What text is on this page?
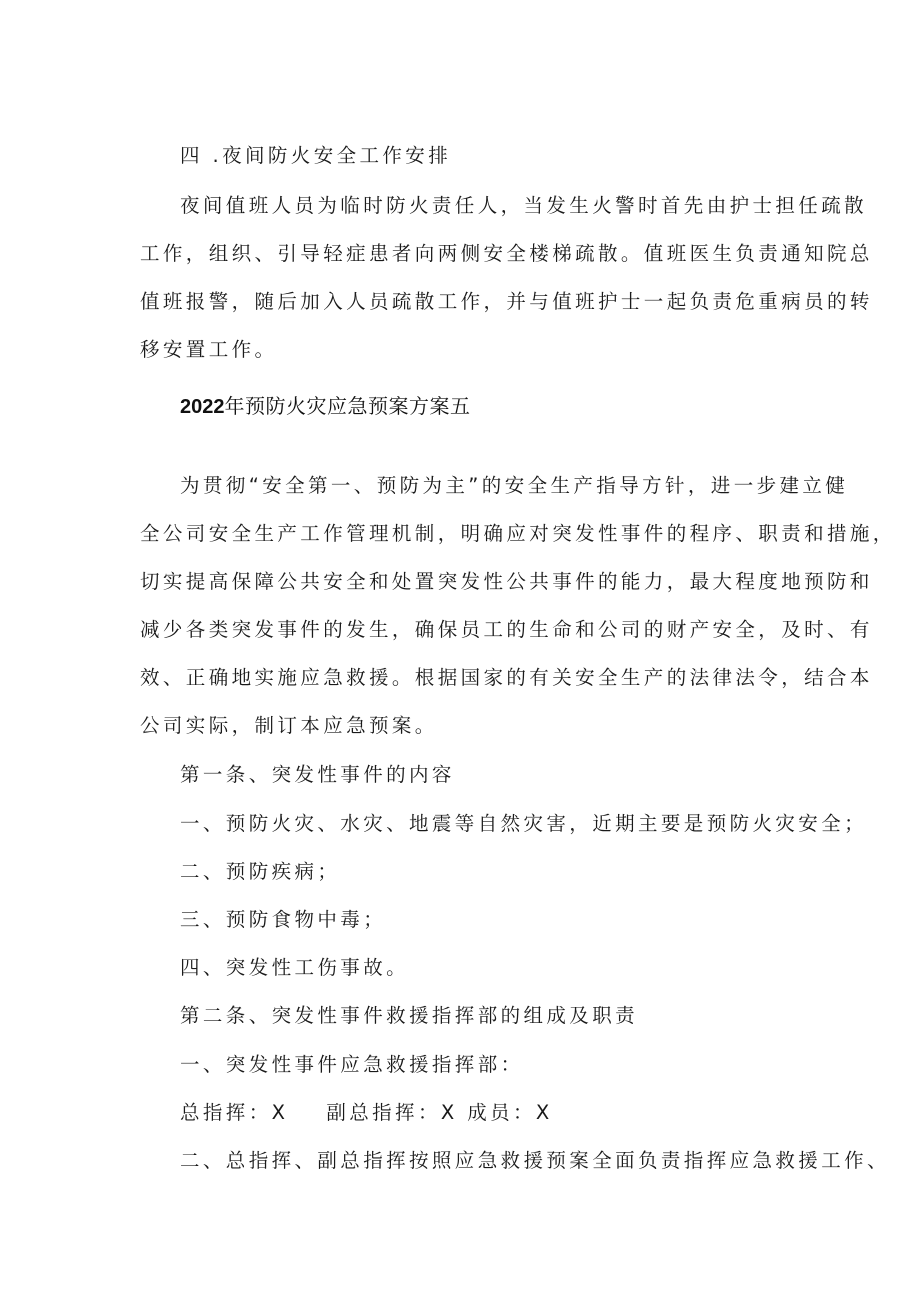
四 .夜间防火安全工作安排
夜间值班人员为临时防火责任人，当发生火警时首先由护士担任疏散
工作，组织、引导轻症患者向两侧安全楼梯疏散。值班医生负责通知院总
值班报警，随后加入人员疏散工作，并与值班护士一起负责危重病员的转
移安置工作。
2022年预防火灾应急预案方案五
为贯彻“安全第一、预防为主”的安全生产指导方针，进一步建立健
全公司安全生产工作管理机制，明确应对突发性事件的程序、职责和措施，
切实提高保障公共安全和处置突发性公共事件的能力，最大程度地预防和
减少各类突发事件的发生，确保员工的生命和公司的财产安全，及时、有
效、正确地实施应急救援。根据国家的有关安全生产的法律法令，结合本
公司实际，制订本应急预案。
第一条、突发性事件的内容
一、预防火灾、水灾、地震等自然灾害，近期主要是预防火灾安全；
二、预防疾病；
三、预防食物中毒；
四、突发性工伤事故。
第二条、突发性事件救援指挥部的组成及职责
一、突发性事件应急救援指挥部：
总指挥：X 副总指挥：X 成员：X
二、总指挥、副总指挥按照应急救援预案全面负责指挥应急救援工作、
